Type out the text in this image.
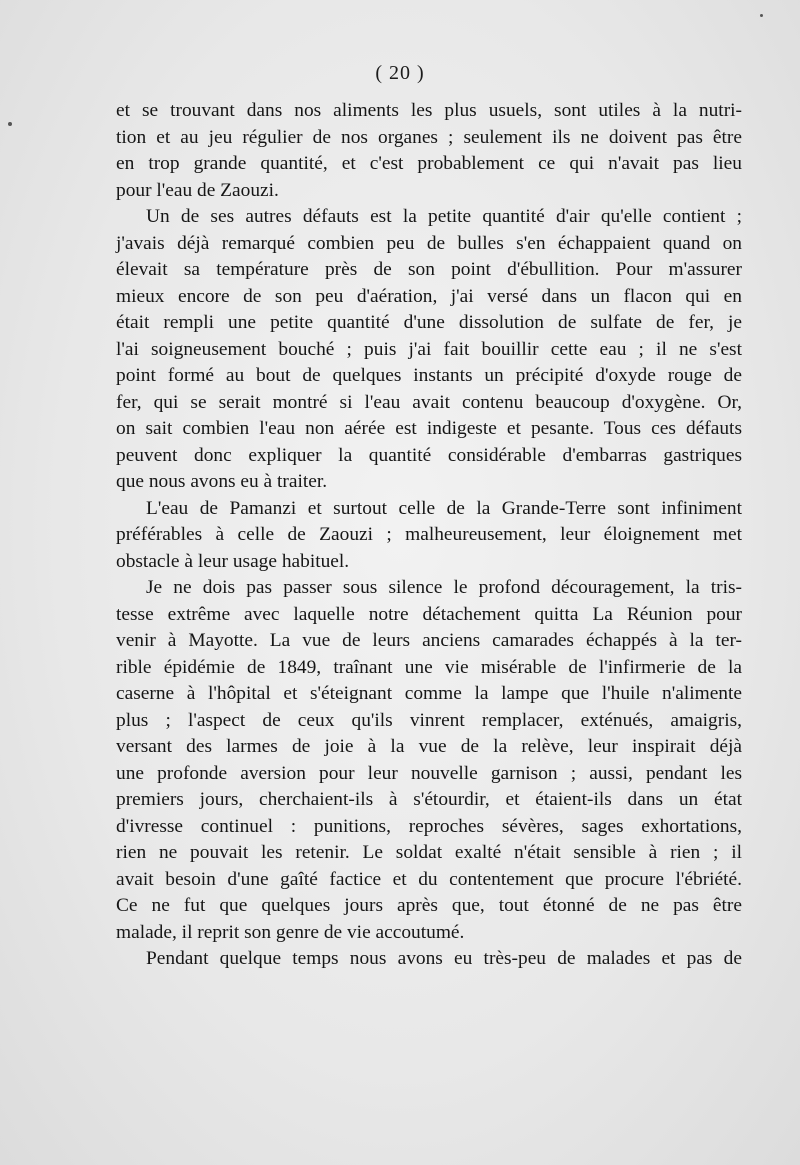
( 20 )
et se trouvant dans nos aliments les plus usuels, sont utiles à la nutri-
tion et au jeu régulier de nos organes ; seulement ils ne doivent pas être
en trop grande quantité, et c'est probablement ce qui n'avait pas lieu
pour l'eau de Zaouzi.
Un de ses autres défauts est la petite quantité d'air qu'elle contient ;
j'avais déjà remarqué combien peu de bulles s'en échappaient quand on
élevait sa température près de son point d'ébullition. Pour m'assurer
mieux encore de son peu d'aération, j'ai versé dans un flacon qui en
était rempli une petite quantité d'une dissolution de sulfate de fer, je
l'ai soigneusement bouché ; puis j'ai fait bouillir cette eau ; il ne s'est
point formé au bout de quelques instants un précipité d'oxyde rouge de
fer, qui se serait montré si l'eau avait contenu beaucoup d'oxygène. Or,
on sait combien l'eau non aérée est indigeste et pesante. Tous ces défauts
peuvent donc expliquer la quantité considérable d'embarras gastriques
que nous avons eu à traiter.
L'eau de Pamanzi et surtout celle de la Grande-Terre sont infiniment
préférables à celle de Zaouzi ; malheureusement, leur éloignement met
obstacle à leur usage habituel.
Je ne dois pas passer sous silence le profond découragement, la tris-
tesse extrême avec laquelle notre détachement quitta La Réunion pour
venir à Mayotte. La vue de leurs anciens camarades échappés à la ter-
rible épidémie de 1849, traînant une vie misérable de l'infirmerie de la
caserne à l'hôpital et s'éteignant comme la lampe que l'huile n'alimente
plus ; l'aspect de ceux qu'ils vinrent remplacer, exténués, amaigris,
versant des larmes de joie à la vue de la relève, leur inspirait déjà
une profonde aversion pour leur nouvelle garnison ; aussi, pendant les
premiers jours, cherchaient-ils à s'étourdir, et étaient-ils dans un état
d'ivresse continuel : punitions, reproches sévères, sages exhortations,
rien ne pouvait les retenir. Le soldat exalté n'était sensible à rien ; il
avait besoin d'une gaîté factice et du contentement que procure l'ébriété.
Ce ne fut que quelques jours après que, tout étonné de ne pas être
malade, il reprit son genre de vie accoutumé.
Pendant quelque temps nous avons eu très-peu de malades et pas de
